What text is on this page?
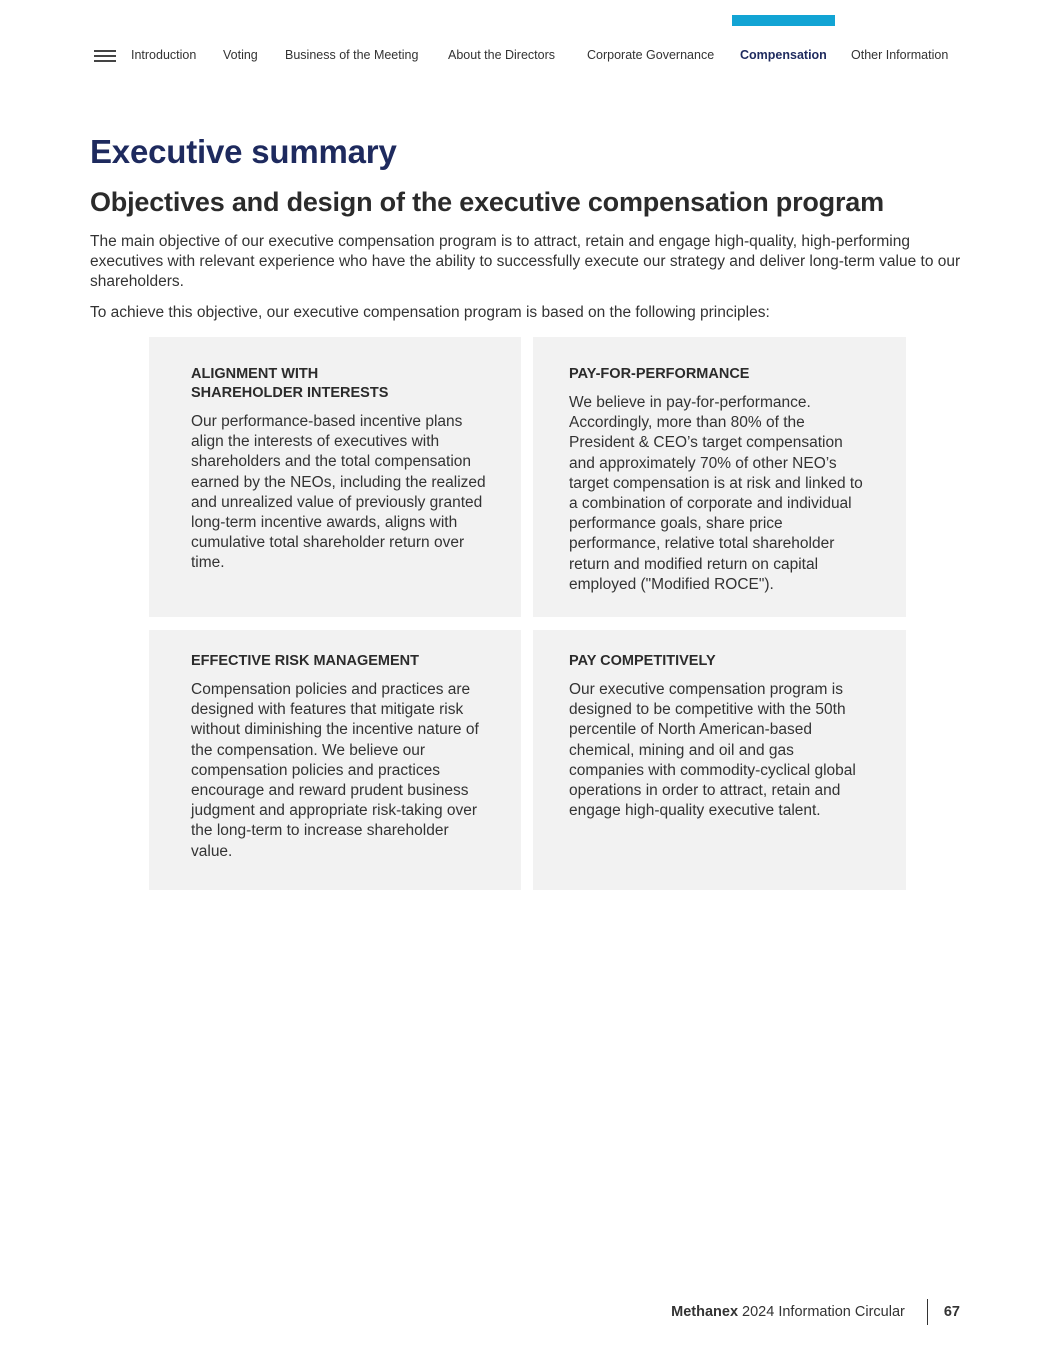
Introduction Voting Business of the Meeting About the Directors	Corporate Governance Compensation Other Information
Executive summary
Objectives and design of the executive compensation program

The main objective of our executive compensation program is to attract, retain and engage high-quality, high-performing executives with relevant experience who have the ability to successfully execute our strategy and deliver long-term value to our shareholders.

To achieve this objective, our executive compensation program is based on the following principles:

ALIGNMENT WITH
SHAREHOLDER INTERESTS

Our performance-based incentive plans align the interests of executives with shareholders and the total compensation earned by the NEOs, including the realized and unrealized value of previously granted long-term incentive awards, aligns with cumulative total shareholder return over time.

PAY-FOR-PERFORMANCE

We believe in pay-for-performance. Accordingly, more than 80% of the President & CEO’s target compensation and approximately 70% of other NEO’s target compensation is at risk and linked to a combination of corporate and individual performance goals, share price performance, relative total shareholder return and modified return on capital employed ("Modified ROCE").

EFFECTIVE RISK MANAGEMENT

Compensation policies and practices are designed with features that mitigate risk without diminishing the incentive nature of the compensation. We believe our compensation policies and practices encourage and reward prudent business judgment and appropriate risk-taking over the long-term to increase shareholder value.

PAY COMPETITIVELY

Our executive compensation program is designed to be competitive with the 50th percentile of North American-based chemical, mining and oil and gas companies with commodity-cyclical global operations in order to attract, retain and engage high-quality executive talent.

Methanex
2024 Information Circular	67
